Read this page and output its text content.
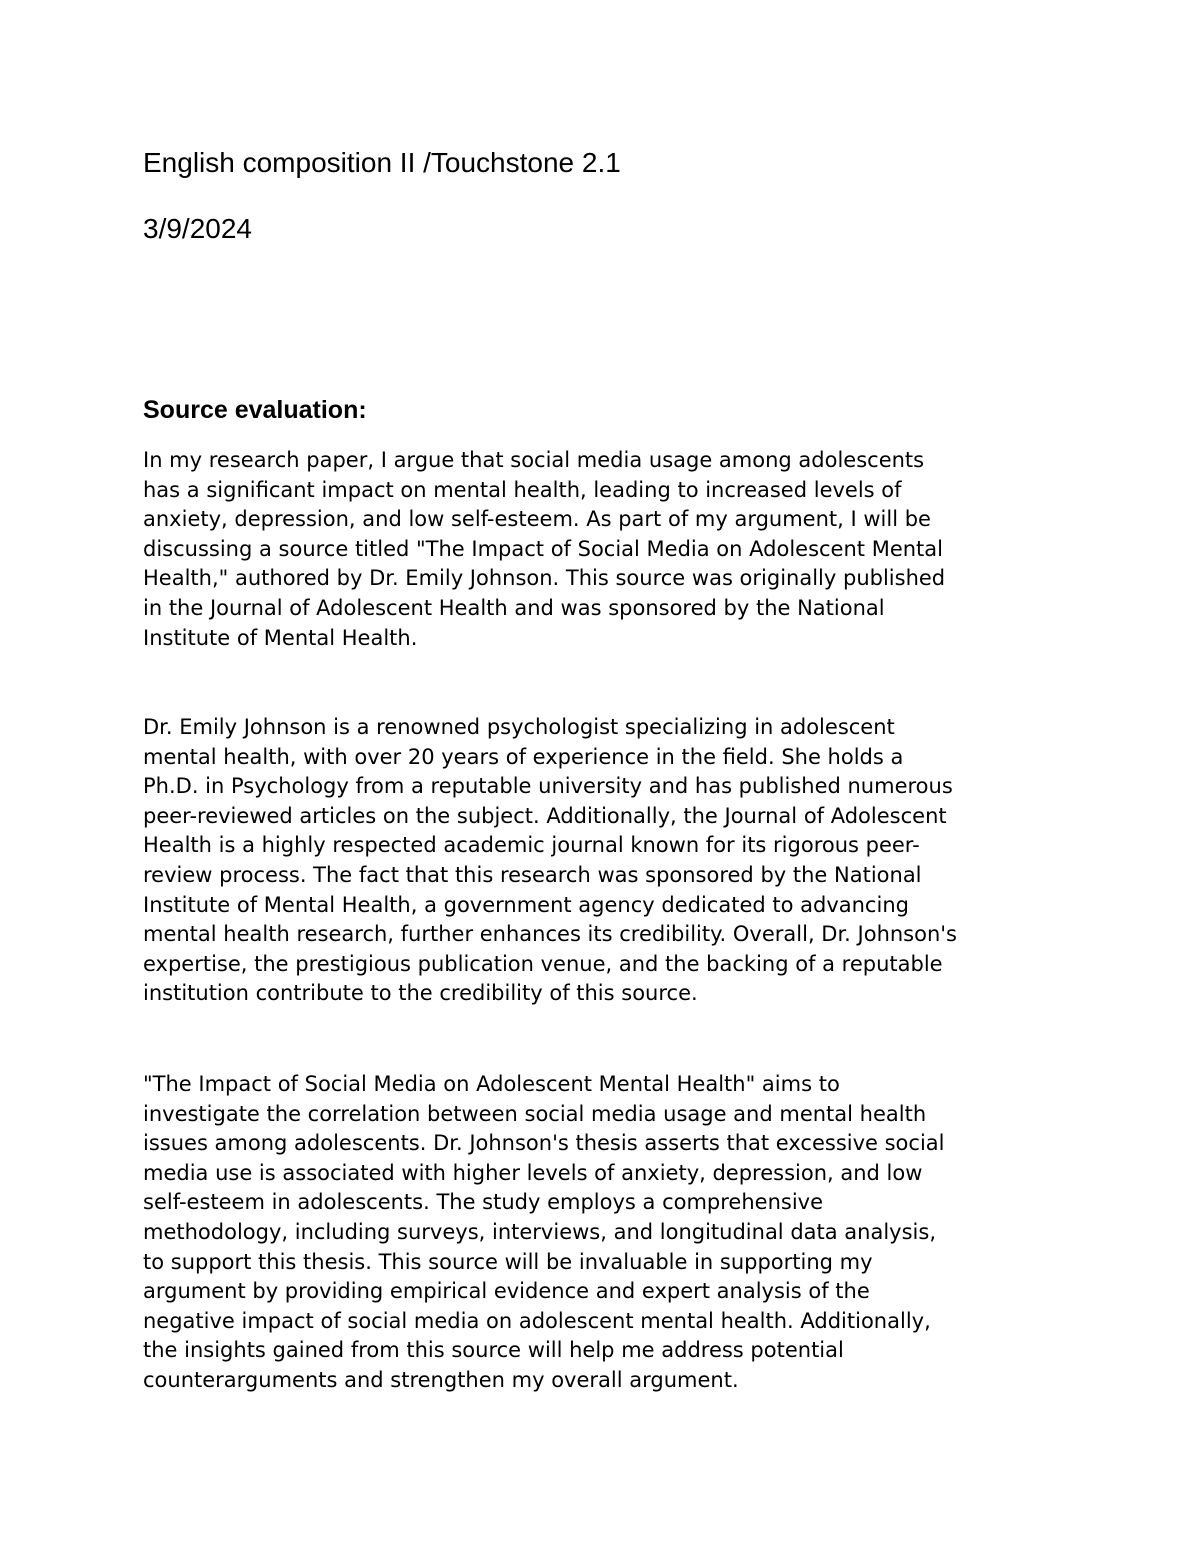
English composition II /Touchstone 2.1
3/9/2024
Source evaluation:

In my research paper, I argue that social media usage among adolescents
has a significant impact on mental health, leading to increased levels of
anxiety, depression, and low self-esteem. As part of my argument, I will be
discussing a source titled "The Impact of Social Media on Adolescent Mental
Health," authored by Dr. Emily Johnson. This source was originally published
in the Journal of Adolescent Health and was sponsored by the National
Institute of Mental Health.

Dr. Emily Johnson is a renowned psychologist specializing in adolescent
mental health, with over 20 years of experience in the field. She holds a
Ph.D. in Psychology from a reputable university and has published numerous
peer-reviewed articles on the subject. Additionally, the Journal of Adolescent
Health is a highly respected academic journal known for its rigorous peer-
review process. The fact that this research was sponsored by the National
Institute of Mental Health, a government agency dedicated to advancing
mental health research, further enhances its credibility. Overall, Dr. Johnson's
expertise, the prestigious publication venue, and the backing of a reputable
institution contribute to the credibility of this source.

"The Impact of Social Media on Adolescent Mental Health" aims to
investigate the correlation between social media usage and mental health
issues among adolescents. Dr. Johnson's thesis asserts that excessive social
media use is associated with higher levels of anxiety, depression, and low
self-esteem in adolescents. The study employs a comprehensive
methodology, including surveys, interviews, and longitudinal data analysis,
to support this thesis. This source will be invaluable in supporting my
argument by providing empirical evidence and expert analysis of the
negative impact of social media on adolescent mental health. Additionally,
the insights gained from this source will help me address potential
counterarguments and strengthen my overall argument.
